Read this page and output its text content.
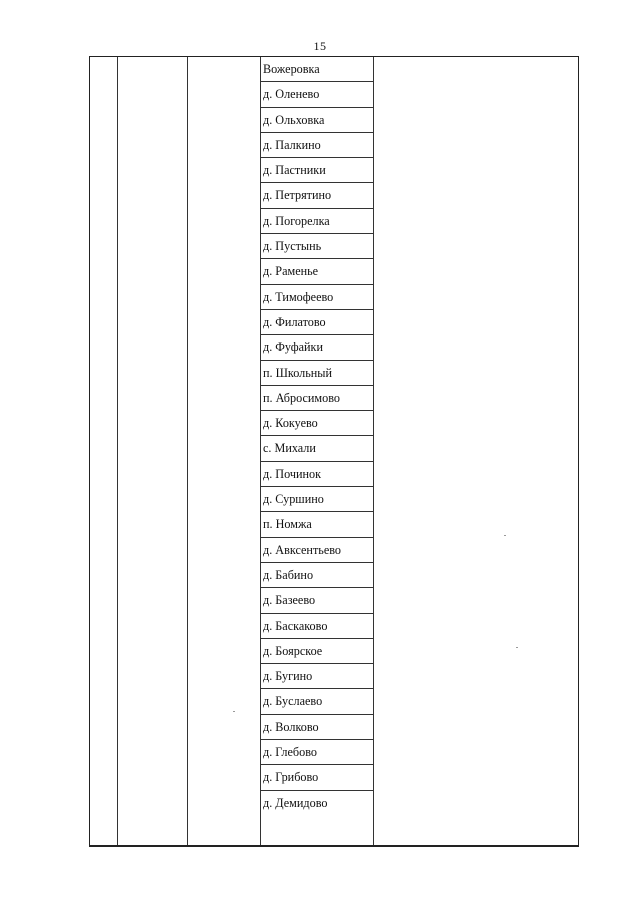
15
Вожеровка
д. Оленево
д. Ольховка
д. Палкино
д. Пастники
д. Петрятино
д. Погорелка
д. Пустынь
д. Раменье
д. Тимофеево
д. Филатово
д. Фуфайки
п. Школьный
п. Абросимово
д. Кокуево
с. Михали
д. Починок
д. Суршино
п. Номжа
д. Авксентьево
д. Бабино
д. Базеево
д. Баскаково
д. Боярское
д. Бугино
д. Буслаево
д. Волково
д. Глебово
д. Грибово
д. Демидово
